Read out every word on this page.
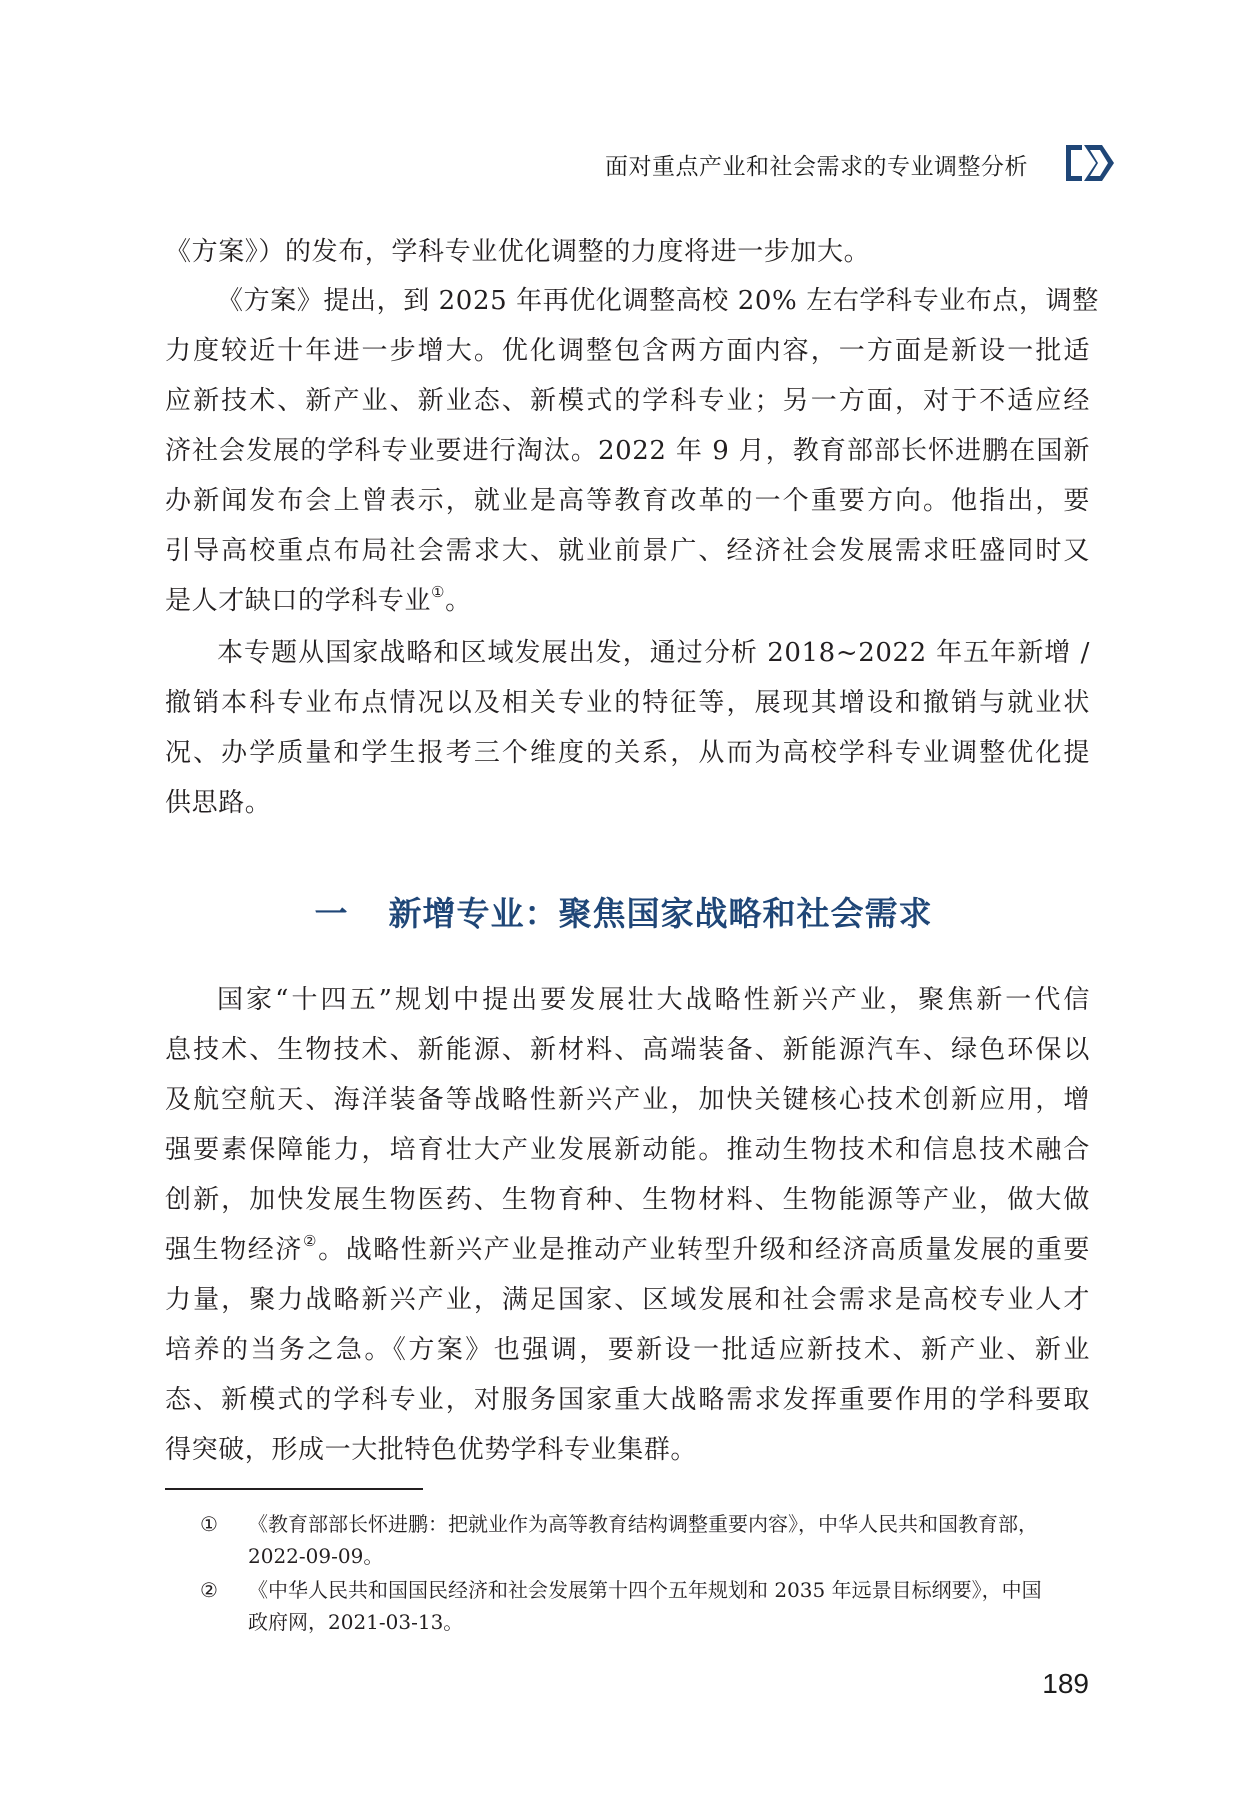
面对重点产业和社会需求的专业调整分析
《方案》）的发布，学科专业优化调整的力度将进一步加大。
《方案》提出，到 2025 年再优化调整高校 20% 左右学科专业布点，调整
力度较近十年进一步增大。优化调整包含两方面内容，一方面是新设一批适
应新技术、新产业、新业态、新模式的学科专业；另一方面，对于不适应经
济社会发展的学科专业要进行淘汰。2022 年 9 月，教育部部长怀进鹏在国新
办新闻发布会上曾表示，就业是高等教育改革的一个重要方向。他指出，要
引导高校重点布局社会需求大、就业前景广、经济社会发展需求旺盛同时又
是人才缺口的学科专业①。
本专题从国家战略和区域发展出发，通过分析 2018~2022 年五年新增 /
撤销本科专业布点情况以及相关专业的特征等，展现其增设和撤销与就业状
况、办学质量和学生报考三个维度的关系，从而为高校学科专业调整优化提
供思路。
一 新增专业：聚焦国家战略和社会需求
国家“十四五”规划中提出要发展壮大战略性新兴产业，聚焦新一代信
息技术、生物技术、新能源、新材料、高端装备、新能源汽车、绿色环保以
及航空航天、海洋装备等战略性新兴产业，加快关键核心技术创新应用，增
强要素保障能力，培育壮大产业发展新动能。推动生物技术和信息技术融合
创新，加快发展生物医药、生物育种、生物材料、生物能源等产业，做大做
强生物经济②。战略性新兴产业是推动产业转型升级和经济高质量发展的重要
力量，聚力战略新兴产业，满足国家、区域发展和社会需求是高校专业人才
培养的当务之急。《方案》也强调，要新设一批适应新技术、新产业、新业
态、新模式的学科专业，对服务国家重大战略需求发挥重要作用的学科要取
得突破，形成一大批特色优势学科专业集群。
① 《教育部部长怀进鹏：把就业作为高等教育结构调整重要内容》，中华人民共和国教育部，
2022-09-09。
② 《中华人民共和国国民经济和社会发展第十四个五年规划和 2035 年远景目标纲要》，中国
政府网，2021-03-13。
189
